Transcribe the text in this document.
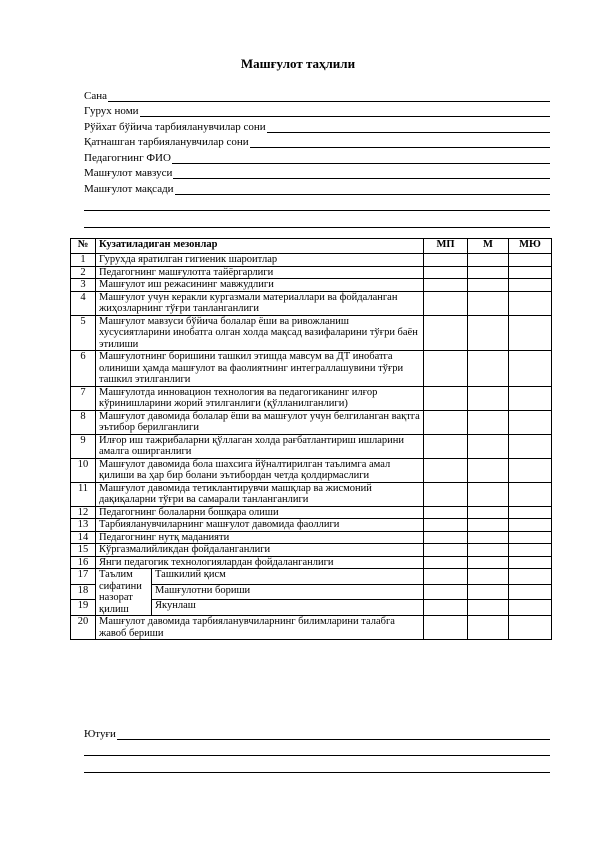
Машғулот таҳлили
Сана
Гурух номи
Рўйхат бўйича тарбияланувчилар сони
Қатнашган тарбияланувчилар сони
Педагогнинг ФИО
Машғулот мавзуси
Машғулот мақсади
№	Кузатиладиган мезонлар		МП	М	МЮ
1	Гурухда яратилган гигиеник шароитлар				
2	Педагогнинг машғулотга тайёргарлиги				
3	Машғулот иш режасининг мавжудлиги				
4	Машғулот учун керакли кургазмали материаллари ва фойдаланган жиҳозларнинг тўғри танланганлиги				
5	Машғулот мавзуси бўйича болалар ёши ва ривожланиш хусусиятларини инобатга олган холда мақсад вазифаларини тўғри баён этилиши				
6	Машғулотнинг боришини ташкил этишда мавсум ва ДТ инобатга олиниши ҳамда машғулот ва фаолиятнинг интеграллашувини тўғри ташкил этилганлиги				
7	Машғулотда инновацион технология ва педагогиканинг илғор кўринишларини жорий этилганлиги (қўлланилганлиги)				
8	Машғулот давомида болалар ёши ва машғулот учун белгиланган вақтга эътибор берилганлиги				
9	Илғор иш тажрибаларни қўллаган холда рағбатлантириш ишларини амалга оширганлиги				
10	Машғулот давомида бола шахсига йўналтирилган таълимга амал қилиши ва ҳар бир болани эътибордан четда қолдирмаслиги				
11	Машғулот давомида тетиклантирувчи машқлар ва жисмоний дақиқаларни тўғри ва самарали танланганлиги				
12	Педагогнинг болаларни бошқара олиши				
13	Тарбияланувчиларнинг машғулот давомида фаоллиги				
14	Педагогнинг нутқ маданияти				
15	Кўргазмалийликдан фойдаланганлиги				
16	Янги педагогик технологиялардан фойдаланганлиги				
17	Таълим сифатини назорат қилиш	Ташкилий қисм			
18		Машғулотни бориши			
19		Якунлаш			
20	Машғулот давомида тарбияланувчиларнинг билимларини талабга жавоб бериши				
Ютуғи
